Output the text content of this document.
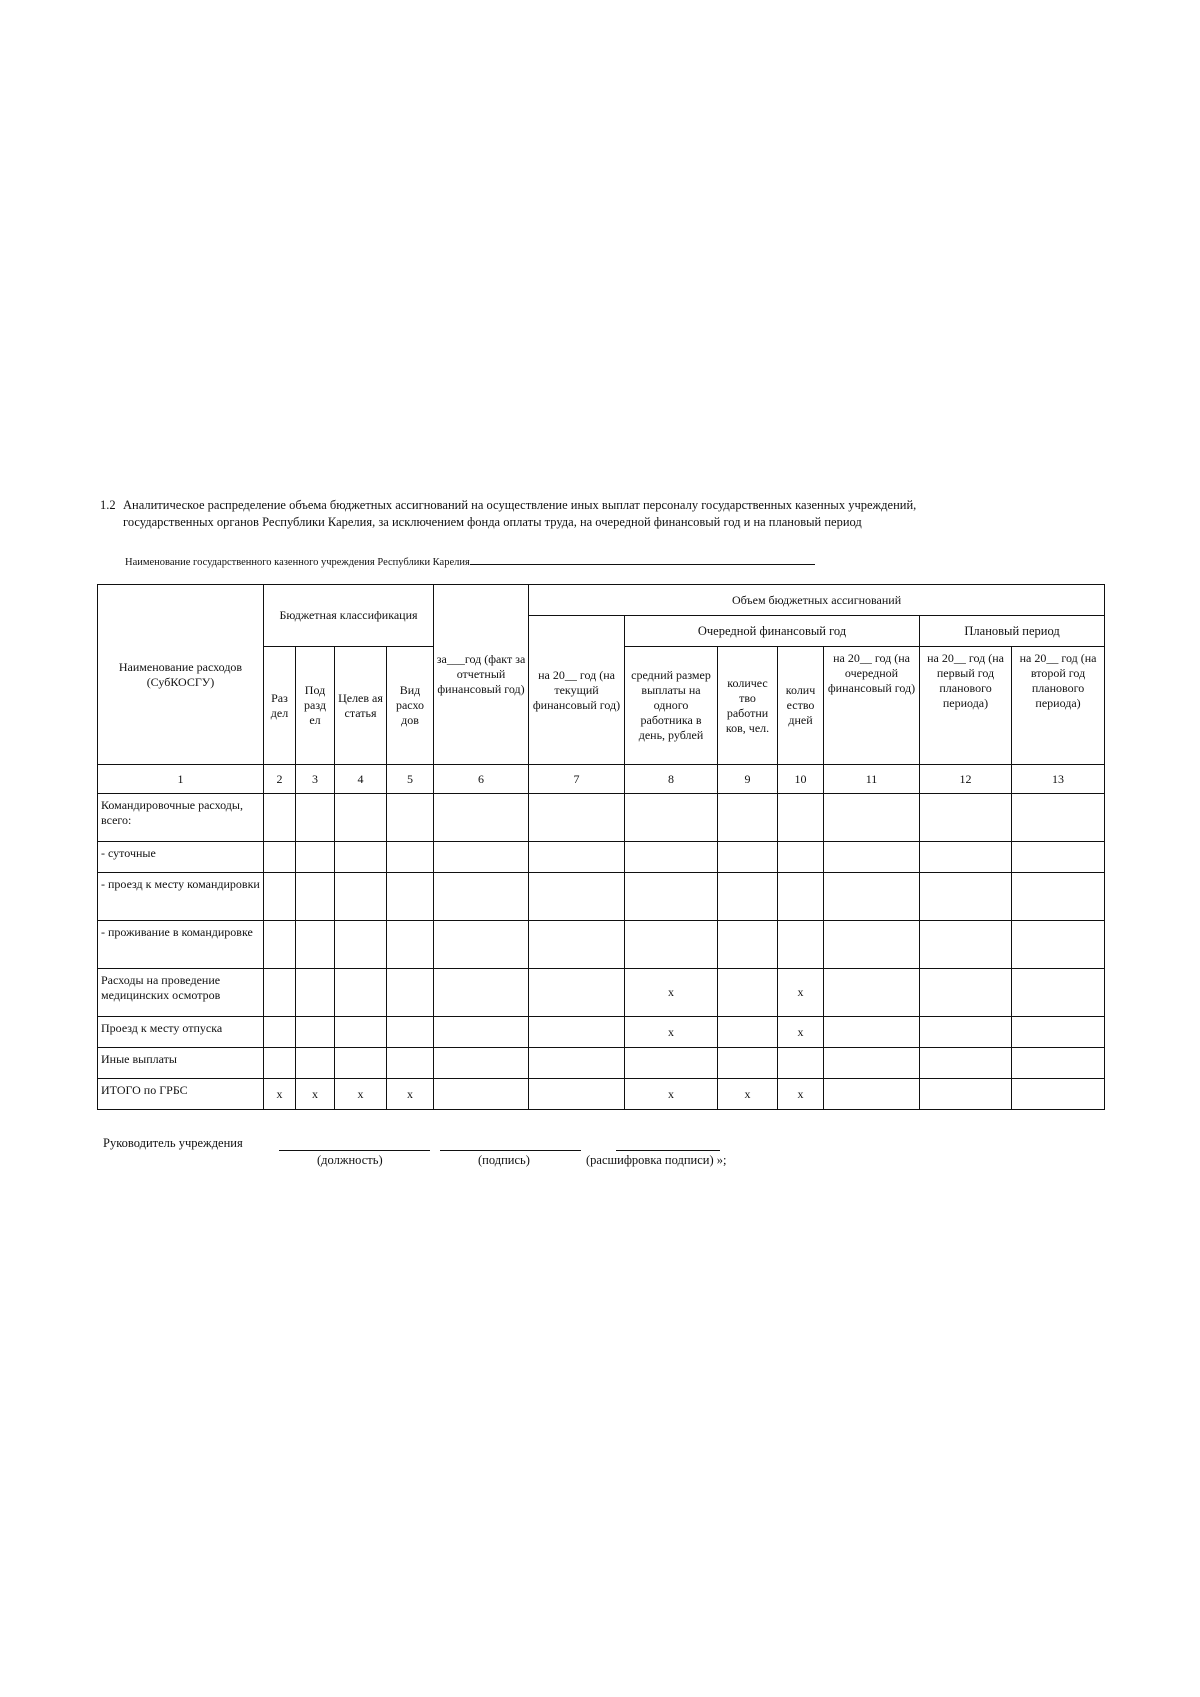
1.2 Аналитическое распределение объема бюджетных ассигнований на осуществление иных выплат персоналу государственных казенных учреждений,
государственных органов Республики Карелия, за исключением фонда оплаты труда, на очередной финансовый год и на плановый период
Наименование государственного казенного учреждения Республики Карелия
Наименование расходов (СубКОСГУ)	Бюджетная классификация				за___год (факт за отчетный финансовый год)	Объем бюджетных ассигнований						
						на 20__ год (на текущий финансовый год)	Очередной финансовый год				Плановый период	
	Раз дел	Под разд ел	Целев ая статья	Вид расхо дов			средний размер выплаты на одного работника в день, рублей	количес тво работни ков, чел.	колич ество дней	на 20__ год (на очередной финансовый год)	на 20__ год (на первый год планового периода)	на 20__ год (на второй год планового периода)
1	2	3	4	5	6	7	8	9	10	11	12	13
Командировочные расходы, всего:												
- суточные												
- проезд к месту командировки												
- проживание в командировке												
Расходы на проведение медицинских осмотров							x		x			
Проезд к месту отпуска							x		x			
Иные выплаты												
ИТОГО по ГРБС	x	x	x	x			x	x	x			
Руководитель учреждения
(должность)	(подпись)	(расшифровка подписи) »;
